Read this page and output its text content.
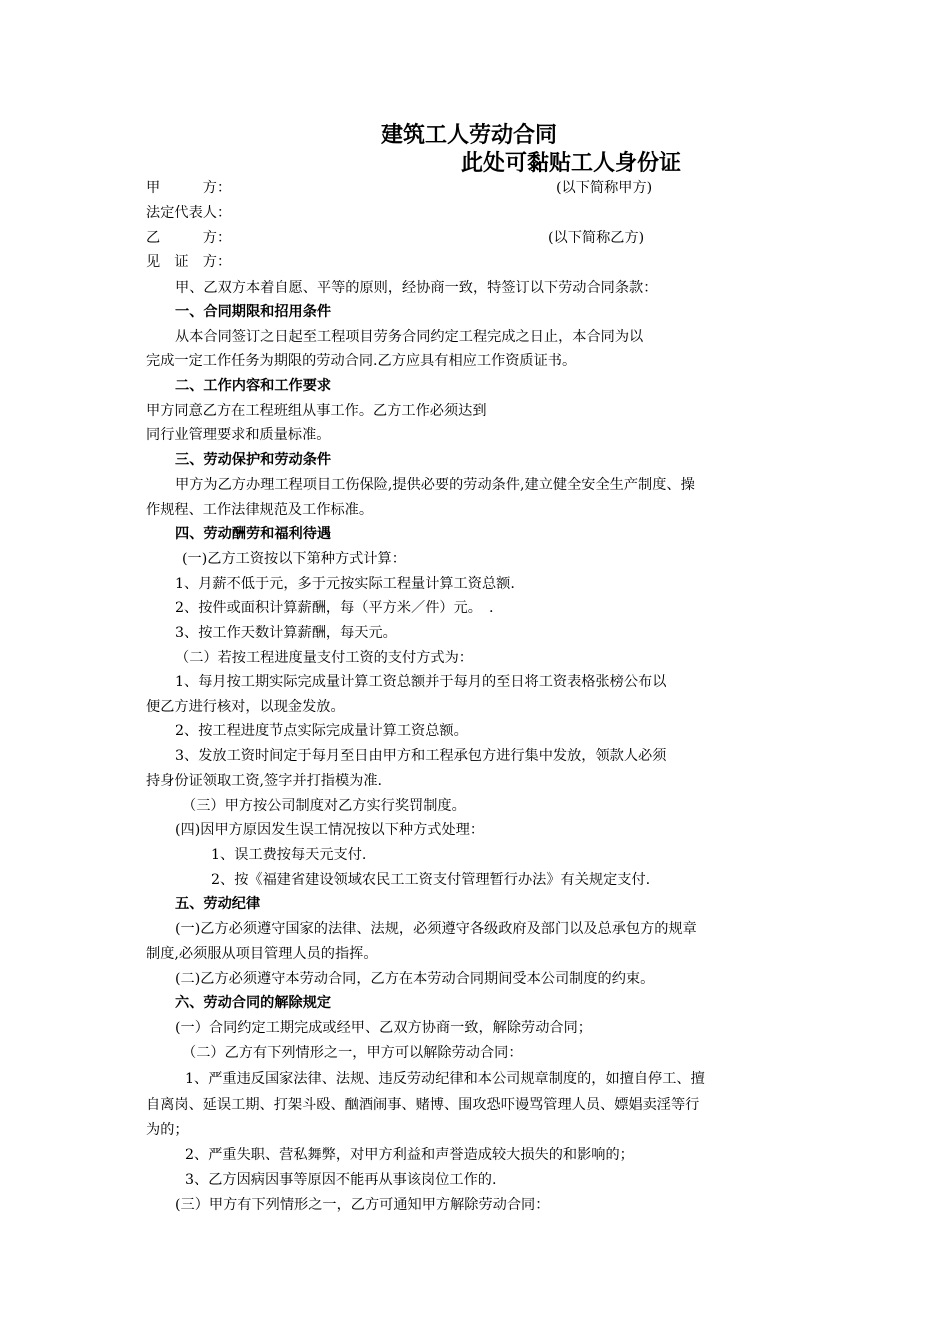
建筑工人劳动合同
此处可黏贴工人身份证
甲　　　方：	(以下简称甲方)
法定代表人：
乙　　　方：	(以下简称乙方)
见　证　方：
甲、乙双方本着自愿、平等的原则，经协商一致，特签订以下劳动合同条款：
一、合同期限和招用条件
从本合同签订之日起至工程项目劳务合同约定工程完成之日止，本合同为以
完成一定工作任务为期限的劳动合同.乙方应具有相应工作资质证书。
二、工作内容和工作要求
甲方同意乙方在工程班组从事工作。乙方工作必须达到
同行业管理要求和质量标准。
三、劳动保护和劳动条件
甲方为乙方办理工程项目工伤保险,提供必要的劳动条件,建立健全安全生产制度、操
作规程、工作法律规范及工作标准。
四、劳动酬劳和福利待遇
(一)乙方工资按以下第种方式计算：
1、月薪不低于元，多于元按实际工程量计算工资总额.
2、按件或面积计算薪酬，每（平方米／件）元。　.
3、按工作天数计算薪酬，每天元。
（二）若按工程进度量支付工资的支付方式为：
1、每月按工期实际完成量计算工资总额并于每月的至日将工资表格张榜公布以
便乙方进行核对，以现金发放。
2、按工程进度节点实际完成量计算工资总额。
3、发放工资时间定于每月至日由甲方和工程承包方进行集中发放，领款人必须
持身份证领取工资,签字并打指模为准.
（三）甲方按公司制度对乙方实行奖罚制度。
(四)因甲方原因发生误工情况按以下种方式处理：
1、误工费按每天元支付.
2、按《福建省建设领域农民工工资支付管理暂行办法》有关规定支付.
五、劳动纪律
(一)乙方必须遵守国家的法律、法规，必须遵守各级政府及部门以及总承包方的规章
制度,必须服从项目管理人员的指挥。
(二)乙方必须遵守本劳动合同，乙方在本劳动合同期间受本公司制度的约束。
六、劳动合同的解除规定
(一）合同约定工期完成或经甲、乙双方协商一致，解除劳动合同；
（二）乙方有下列情形之一，甲方可以解除劳动合同：
1、严重违反国家法律、法规、违反劳动纪律和本公司规章制度的，如擅自停工、擅
自离岗、延误工期、打架斗殴、酗酒闹事、赌博、围攻恐吓谩骂管理人员、嫖娼卖淫等行
为的；
2、严重失职、营私舞弊，对甲方利益和声誉造成较大损失的和影响的；
3、乙方因病因事等原因不能再从事该岗位工作的.
(三）甲方有下列情形之一，乙方可通知甲方解除劳动合同：
